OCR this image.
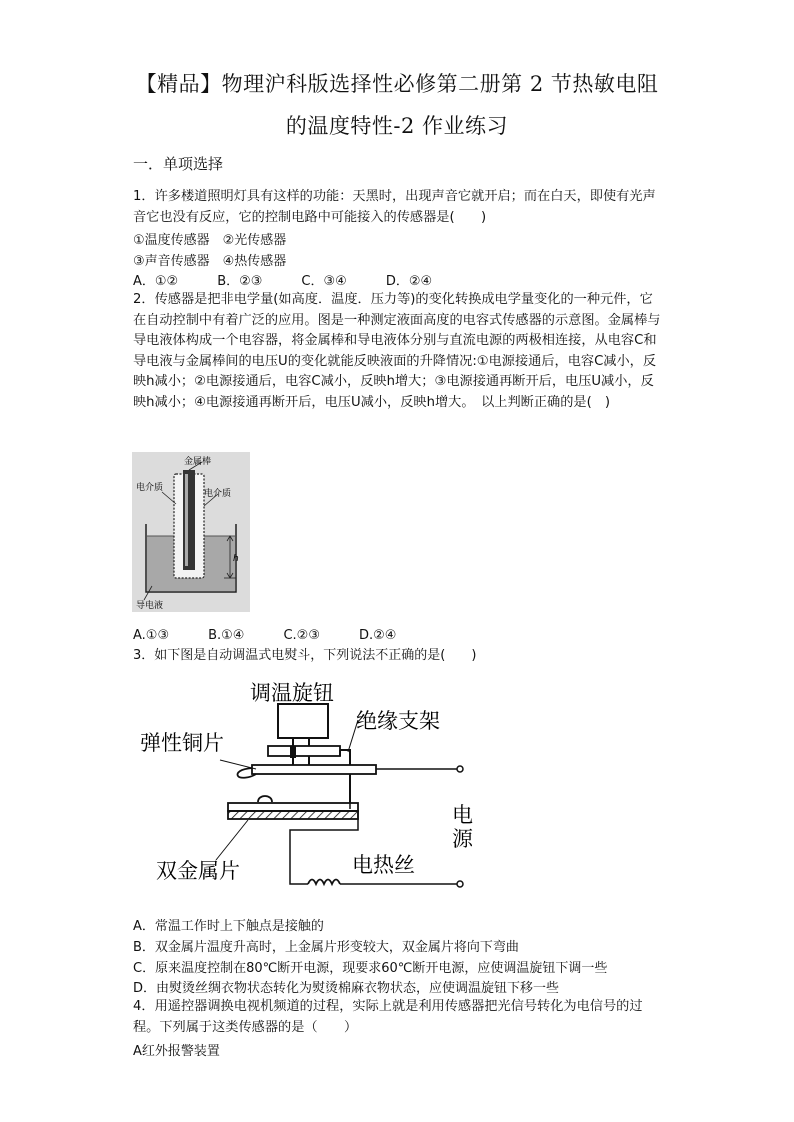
【精品】物理沪科版选择性必修第二册第 2 节热敏电阻
的温度特性-2 作业练习
一．单项选择
1．许多楼道照明灯具有这样的功能：天黑时，出现声音它就开启；而在白天，即使有光声音它也没有反应，它的控制电路中可能接入的传感器是(　　)
①温度传感器　②光传感器
③声音传感器　④热传感器
A．①②　　　B．②③　　　C．③④　　　D．②④
2．传感器是把非电学量(如高度．温度．压力等)的变化转换成电学量变化的一种元件，它在自动控制中有着广泛的应用。图是一种测定液面高度的电容式传感器的示意图。金属棒与导电液体构成一个电容器，将金属棒和导电液体分别与直流电源的两极相连接，从电容C和导电液与金属棒间的电压U的变化就能反映液面的升降情况:①电源接通后，电容C减小，反映h减小；②电源接通后，电容C减小，反映h增大；③电源接通再断开后，电压U减小，反映h减小；④电源接通再断开后，电压U减小，反映h增大。　以上判断正确的是(　)
金属棒
电介质
电介质
h
导电液
A.①③　　　B.①④　　　C.②③　　　D.②④
3．如下图是自动调温式电熨斗，下列说法不正确的是(　　)
调温旋钮
绝缘支架
弹性铜片
电
源
双金属片	电热丝
A．常温工作时上下触点是接触的
B．双金属片温度升高时，上金属片形变较大，双金属片将向下弯曲
C．原来温度控制在80℃断开电源，现要求60℃断开电源，应使调温旋钮下调一些
D．由熨烫丝绸衣物状态转化为熨烫棉麻衣物状态，应使调温旋钮下移一些
4．用遥控器调换电视机频道的过程，实际上就是利用传感器把光信号转化为电信号的过程。下列属于这类传感器的是（　　）
A红外报警装置
